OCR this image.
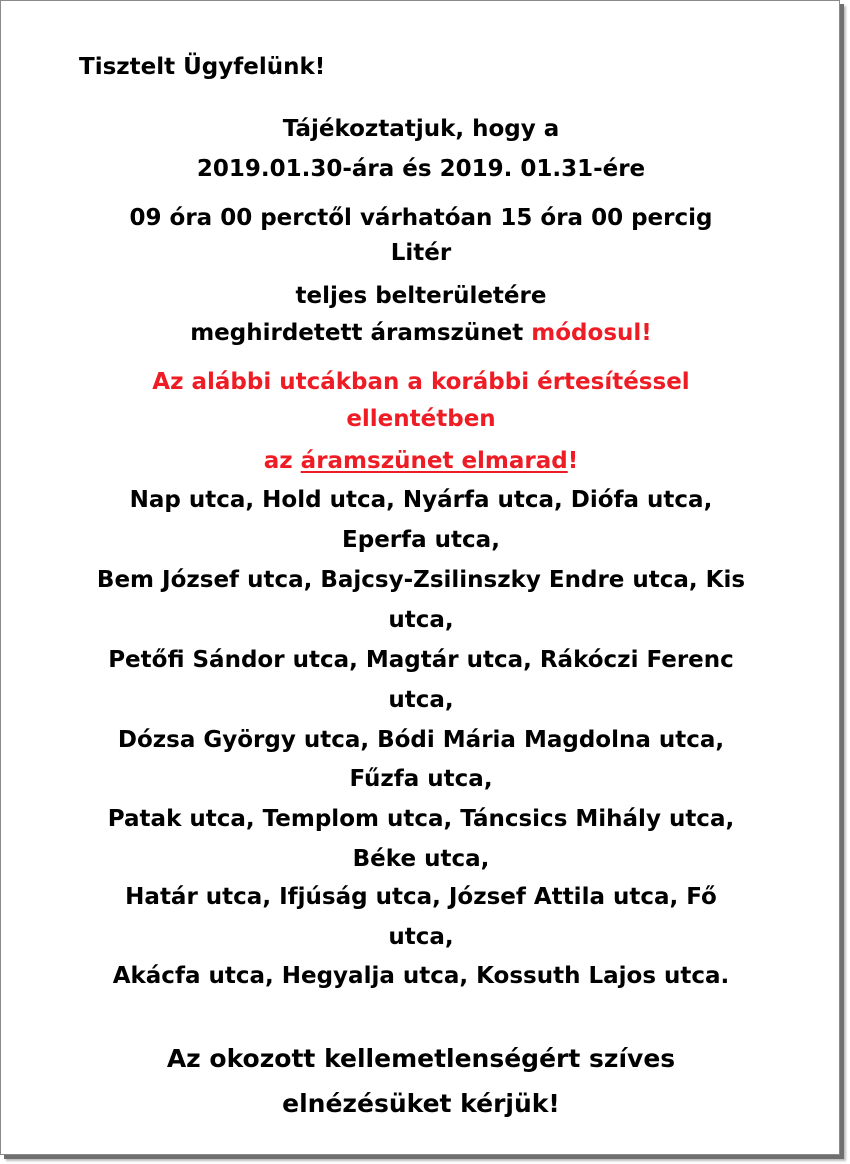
Tisztelt Ügyfelünk!
Tájékoztatjuk, hogy a
2019.01.30-ára és 2019. 01.31-ére
09 óra 00 perctől várhatóan 15 óra 00 percig
Litér
teljes belterületére
meghirdetett áramszünet módosul!
Az alábbi utcákban a korábbi értesítéssel
ellentétben
az áramszünet elmarad!
Nap utca, Hold utca, Nyárfa utca, Diófa utca,
Eperfa utca,
Bem József utca, Bajcsy-Zsilinszky Endre utca, Kis
utca,
Petőfi Sándor utca, Magtár utca, Rákóczi Ferenc
utca,
Dózsa György utca, Bódi Mária Magdolna utca,
Fűzfa utca,
Patak utca, Templom utca, Táncsics Mihály utca,
Béke utca,
Határ utca, Ifjúság utca, József Attila utca, Fő
utca,
Akácfa utca, Hegyalja utca, Kossuth Lajos utca.
Az okozott kellemetlenségért szíves
elnézésüket kérjük!
